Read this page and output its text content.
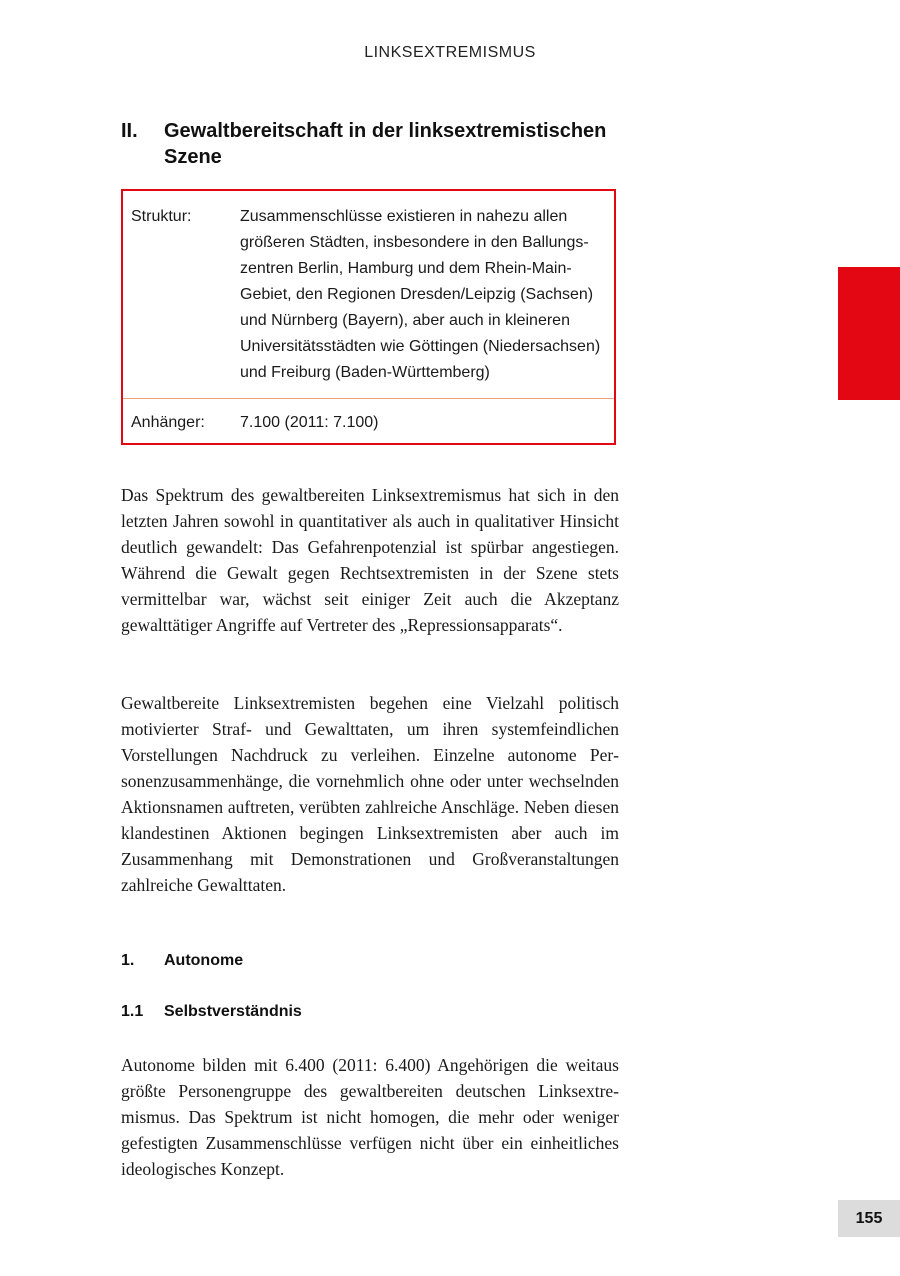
LINKSEXTREMISMUS
II. Gewaltbereitschaft in der linksextremistischen Szene
Struktur:	Zusammenschlüsse existieren in nahezu allen größeren Städten, insbesondere in den Ballungszentren Berlin, Hamburg und dem Rhein-Main-Gebiet, den Regionen Dresden/Leipzig (Sachsen) und Nürnberg (Bayern), aber auch in kleineren Universitätsstädten wie Göttingen (Niedersachsen) und Freiburg (Baden-Württemberg)
Anhänger: 7.100 (2011: 7.100)

Das Spektrum des gewaltbereiten Linksextremismus hat sich in den letzten Jahren sowohl in quantitativer als auch in qualitativer Hinsicht deutlich gewandelt: Das Gefahrenpotenzial ist spürbar angestiegen. Während die Gewalt gegen Rechtsextremisten in der Szene stets vermittelbar war, wächst seit einiger Zeit auch die Akzeptanz gewalttätiger Angriffe auf Vertreter des „Repressionsapparats“.

Gewaltbereite Linksextremisten begehen eine Vielzahl politisch motivierter Straf- und Gewalttaten, um ihren systemfeindlichen Vorstellungen Nachdruck zu verleihen. Einzelne autonome Personenzusammenhänge, die vornehmlich ohne oder unter wechselnden Aktionsnamen auftreten, verübten zahlreiche Anschläge. Neben diesen klandestinen Aktionen begingen Linksextremisten aber auch im Zusammenhang mit Demonstrationen und Großveranstaltungen zahlreiche Gewalttaten.

1. Autonome
1.1 Selbstverständnis

Autonome bilden mit 6.400 (2011: 6.400) Angehörigen die weitaus größte Personengruppe des gewaltbereiten deutschen Linksextremismus. Das Spektrum ist nicht homogen, die mehr oder weniger gefestigten Zusammenschlüsse verfügen nicht über ein einheitliches ideologisches Konzept.

155
